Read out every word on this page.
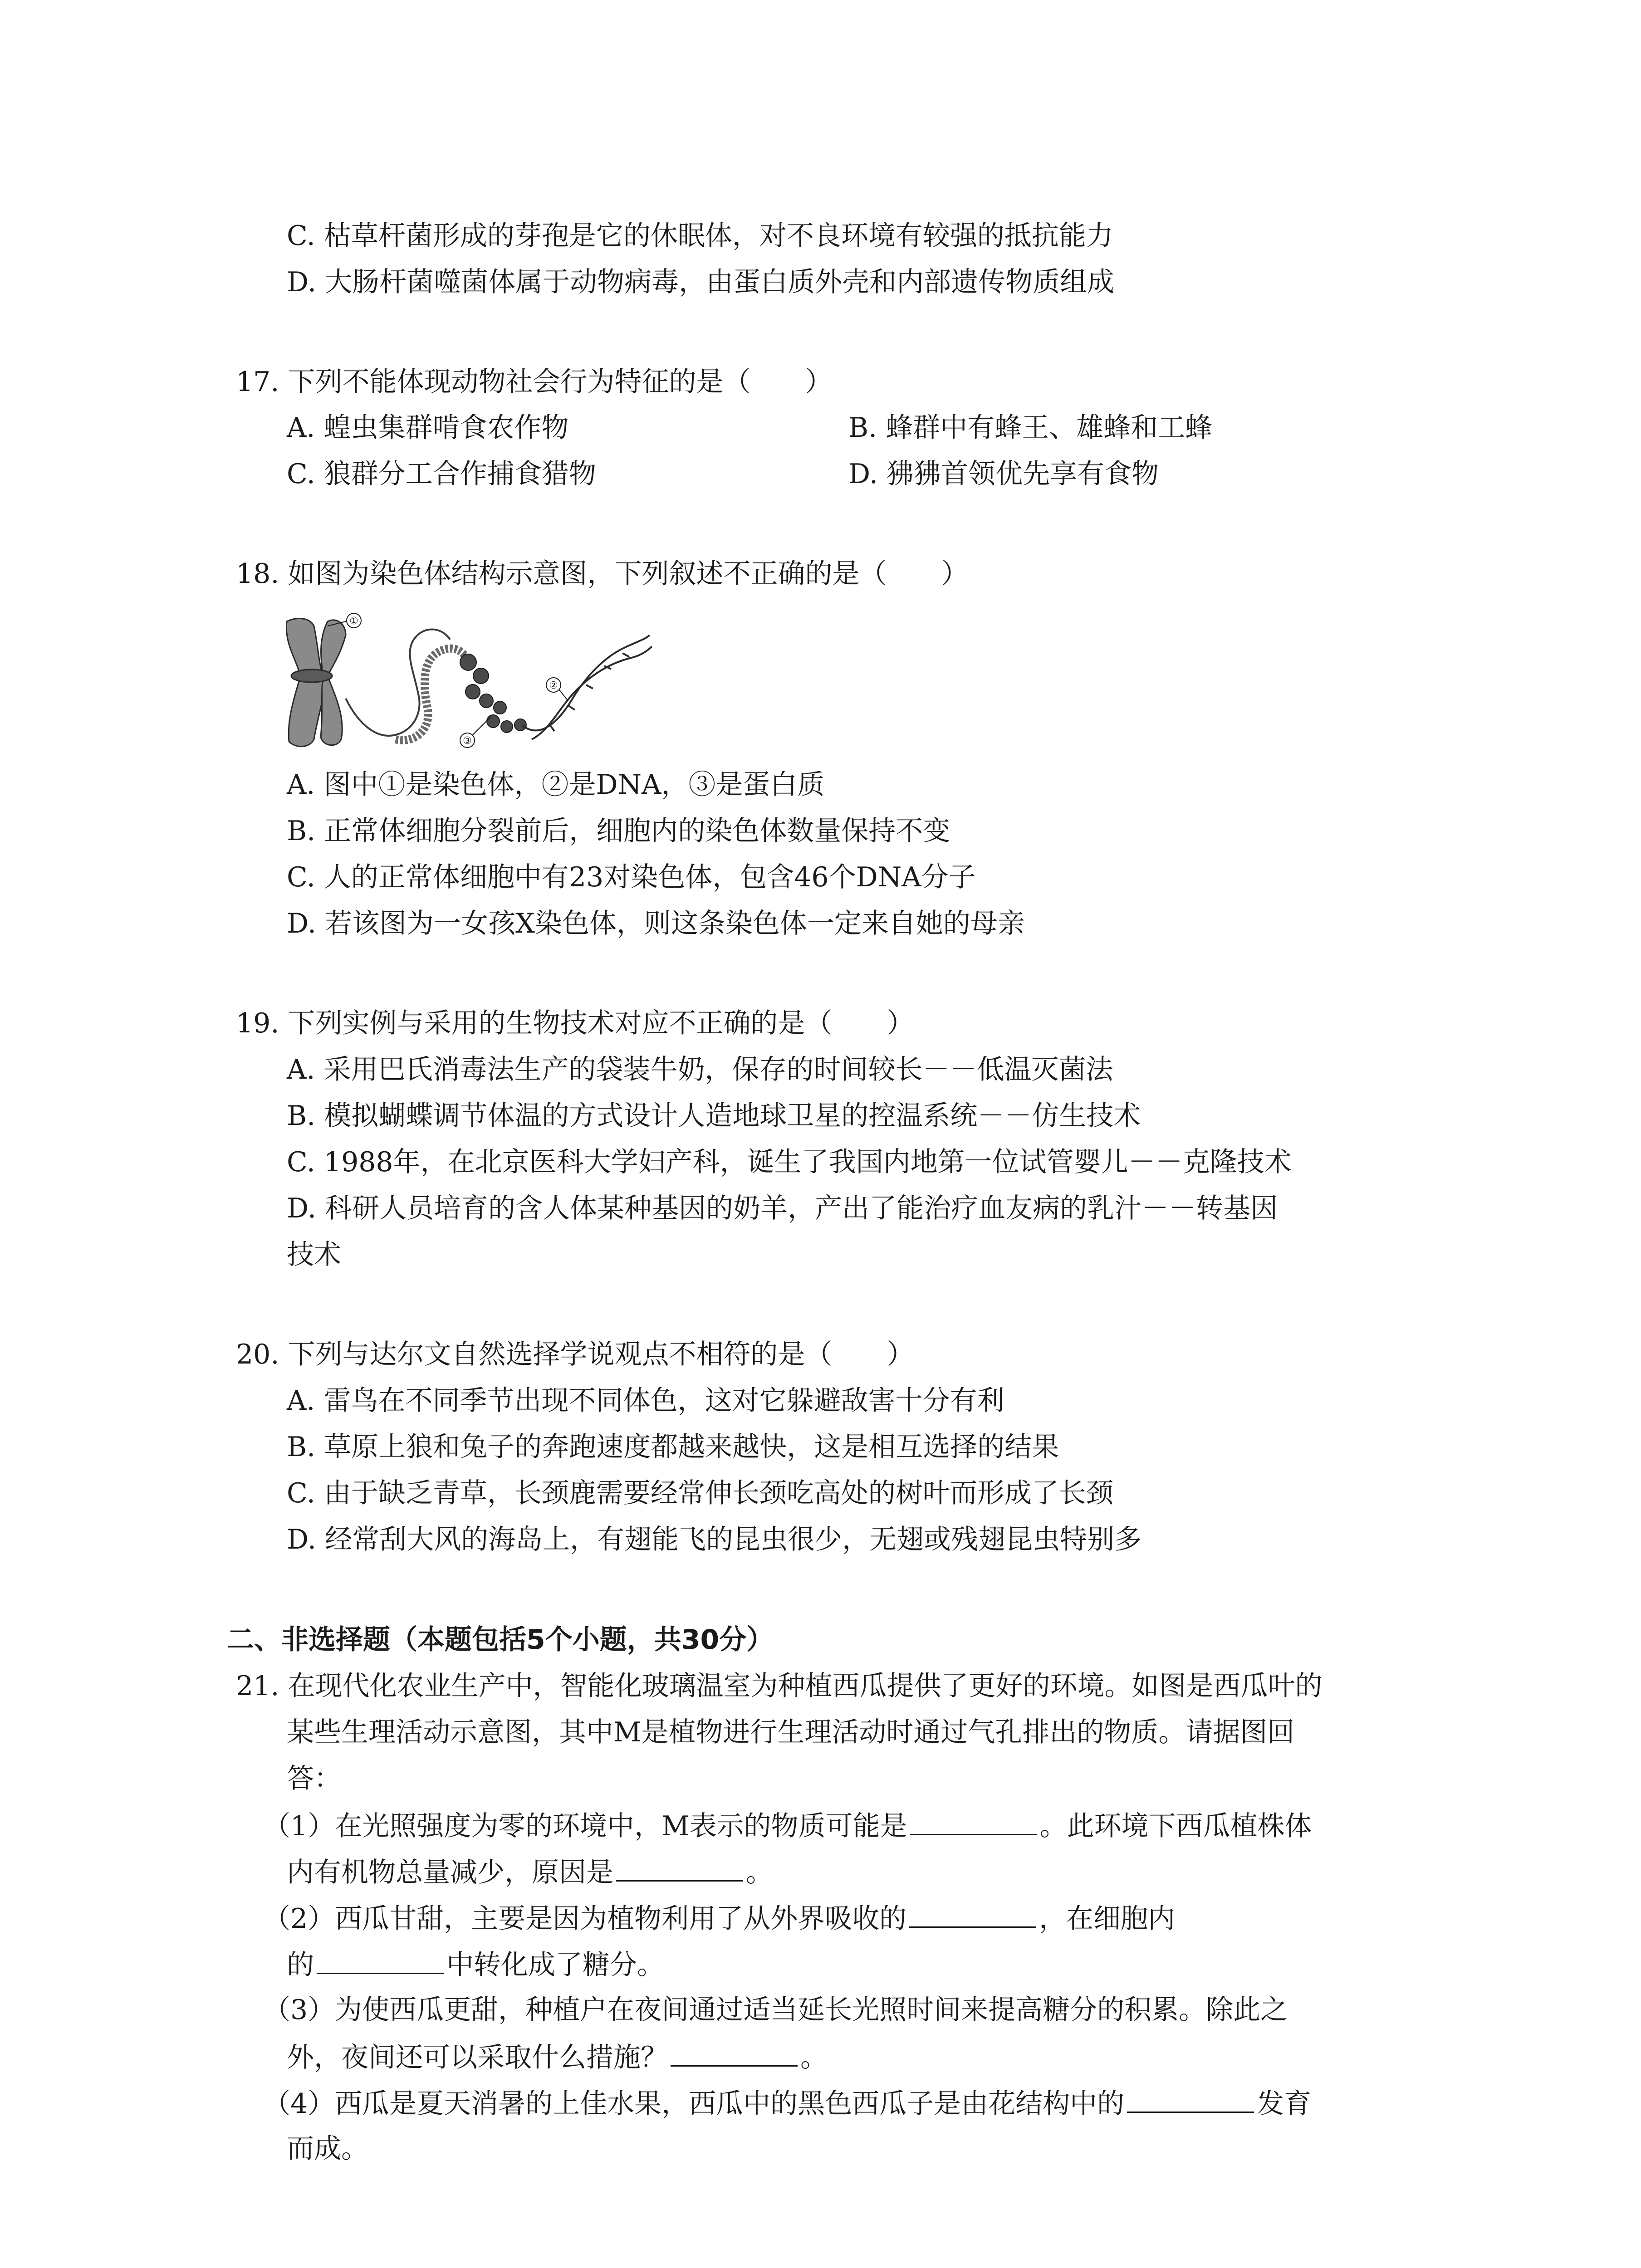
C. 枯草杆菌形成的芽孢是它的休眠体，对不良环境有较强的抵抗能力
D. 大肠杆菌噬菌体属于动物病毒，由蛋白质外壳和内部遗传物质组成
17. 下列不能体现动物社会行为特征的是（　　）
A. 蝗虫集群啃食农作物	B. 蜂群中有蜂王、雄蜂和工蜂
C. 狼群分工合作捕食猎物	D. 狒狒首领优先享有食物
18. 如图为染色体结构示意图，下列叙述不正确的是（　　）
①
②
③
A. 图中①是染色体，②是DNA，③是蛋白质
B. 正常体细胞分裂前后，细胞内的染色体数量保持不变
C. 人的正常体细胞中有23对染色体，包含46个DNA分子
D. 若该图为一女孩X染色体，则这条染色体一定来自她的母亲
19. 下列实例与采用的生物技术对应不正确的是（　　）
A. 采用巴氏消毒法生产的袋装牛奶，保存的时间较长－－低温灭菌法
B. 模拟蝴蝶调节体温的方式设计人造地球卫星的控温系统－－仿生技术
C. 1988年，在北京医科大学妇产科，诞生了我国内地第一位试管婴儿－－克隆技术
D. 科研人员培育的含人体某种基因的奶羊，产出了能治疗血友病的乳汁－－转基因
技术
20. 下列与达尔文自然选择学说观点不相符的是（　　）
A. 雷鸟在不同季节出现不同体色，这对它躲避敌害十分有利
B. 草原上狼和兔子的奔跑速度都越来越快，这是相互选择的结果
C. 由于缺乏青草，长颈鹿需要经常伸长颈吃高处的树叶而形成了长颈
D. 经常刮大风的海岛上，有翅能飞的昆虫很少，无翅或残翅昆虫特别多
二、非选择题（本题包括5个小题，共30分）
21. 在现代化农业生产中，智能化玻璃温室为种植西瓜提供了更好的环境。如图是西瓜叶的
某些生理活动示意图，其中M是植物进行生理活动时通过气孔排出的物质。请据图回
答：
（1）在光照强度为零的环境中，M表示的物质可能是	。此环境下西瓜植株体
内有机物总量减少，原因是	。
（2）西瓜甘甜，主要是因为植物利用了从外界吸收的	，在细胞内
的	中转化成了糖分。
（3）为使西瓜更甜，种植户在夜间通过适当延长光照时间来提高糖分的积累。除此之
外，夜间还可以采取什么措施？	。
（4）西瓜是夏天消暑的上佳水果，西瓜中的黑色西瓜子是由花结构中的	发育
而成。
